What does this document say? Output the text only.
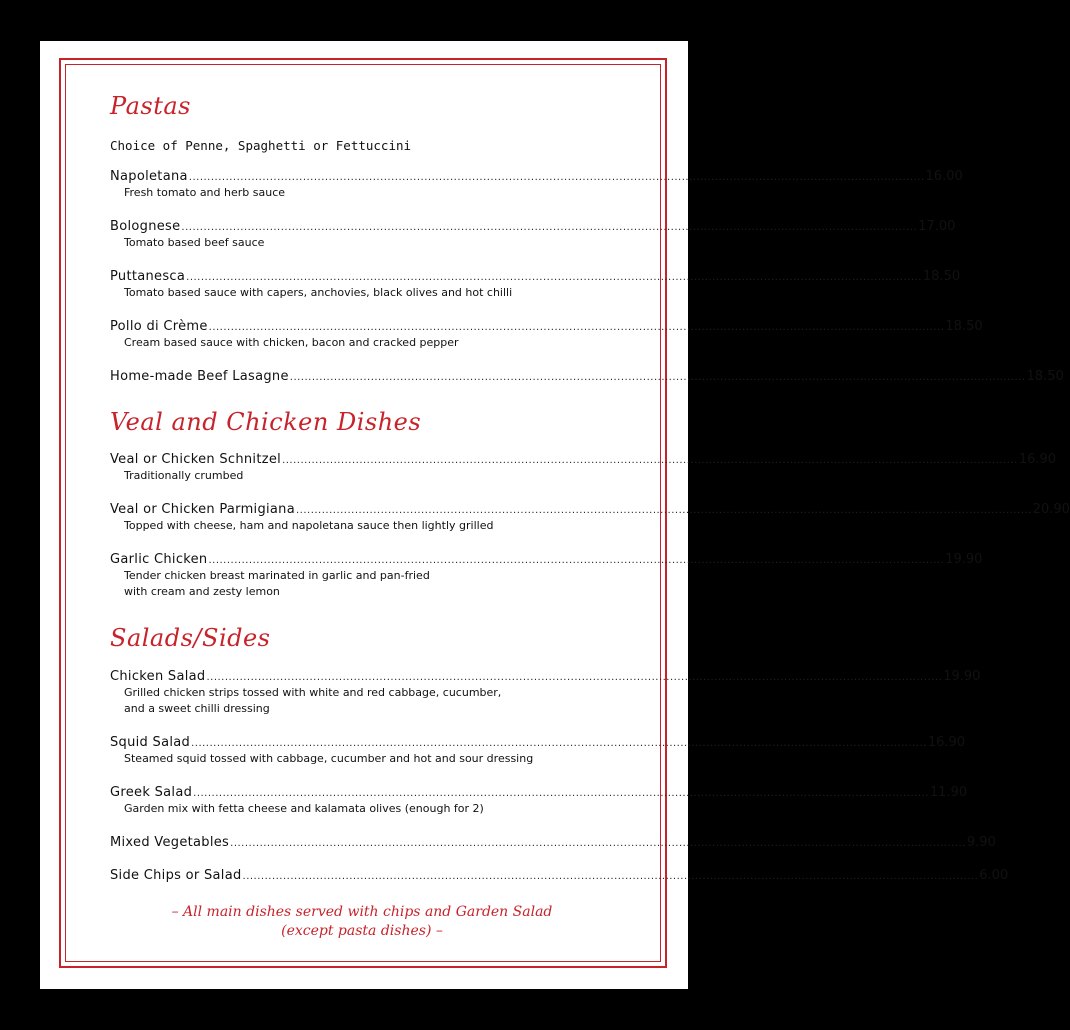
Pastas
Choice of Penne, Spaghetti or Fettuccini
Napoletana ........................................................................................................................................................................................................ 16.00
Fresh tomato and herb sauce
Bolognese ........................................................................................................................................................................................................ 17.00
Tomato based beef sauce
Puttanesca ........................................................................................................................................................................................................ 18.50
Tomato based sauce with capers, anchovies, black olives and hot chilli
Pollo di Crème ........................................................................................................................................................................................................ 18.50
Cream based sauce with chicken, bacon and cracked pepper
Home-made Beef Lasagne ........................................................................................................................................................................................................ 18.50
Veal and Chicken Dishes
Veal or Chicken Schnitzel ........................................................................................................................................................................................................ 16.90
Traditionally crumbed
Veal or Chicken Parmigiana ........................................................................................................................................................................................................ 20.90
Topped with cheese, ham and napoletana sauce then lightly grilled
Garlic Chicken ........................................................................................................................................................................................................ 19.90
Tender chicken breast marinated in garlic and pan-fried
with cream and zesty lemon
Salads/Sides
Chicken Salad ........................................................................................................................................................................................................ 19.90
Grilled chicken strips tossed with white and red cabbage, cucumber,
and a sweet chilli dressing
Squid Salad ........................................................................................................................................................................................................ 16.90
Steamed squid tossed with cabbage, cucumber and hot and sour dressing
Greek Salad ........................................................................................................................................................................................................ 11.90
Garden mix with fetta cheese and kalamata olives (enough for 2)
Mixed Vegetables ........................................................................................................................................................................................................ 9.90
Side Chips or Salad ........................................................................................................................................................................................................ 6.00
– All main dishes served with chips and Garden Salad
(except pasta dishes) –
